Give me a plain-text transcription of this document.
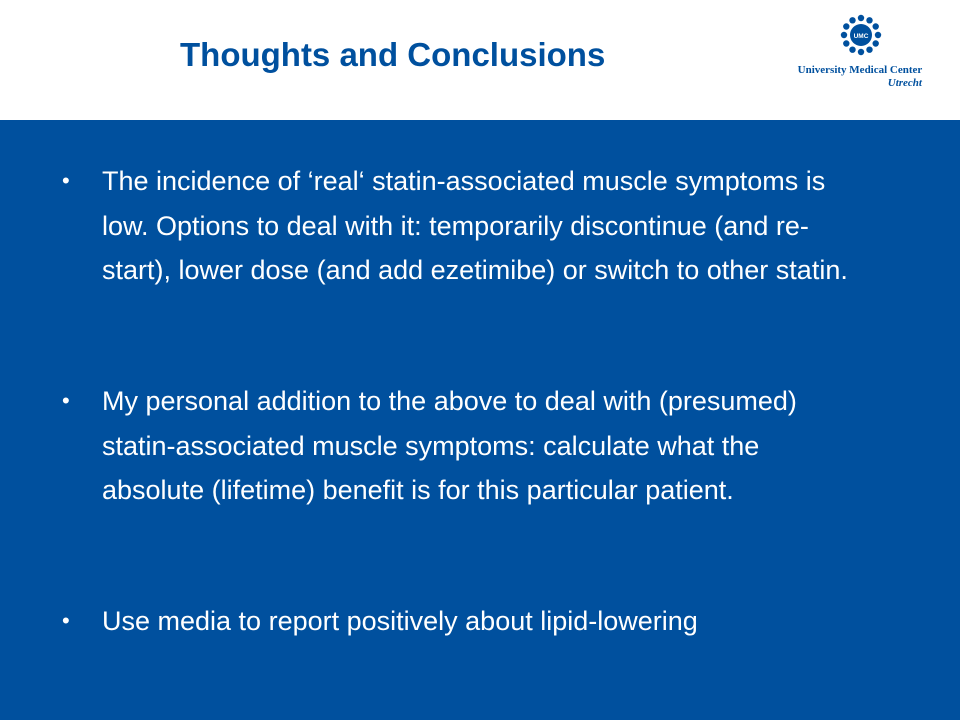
Thoughts and Conclusions	UMC
University Medical Center
Utrecht
•	The incidence of ‘real‘ statin-associated muscle symptoms is low. Options to deal with it: temporarily discontinue (and re-start), lower dose (and add ezetimibe) or switch to other statin.
•	My personal addition to the above to deal with (presumed) statin-associated muscle symptoms: calculate what the absolute (lifetime) benefit is for this particular patient.
•	Use media to report positively about lipid-lowering
